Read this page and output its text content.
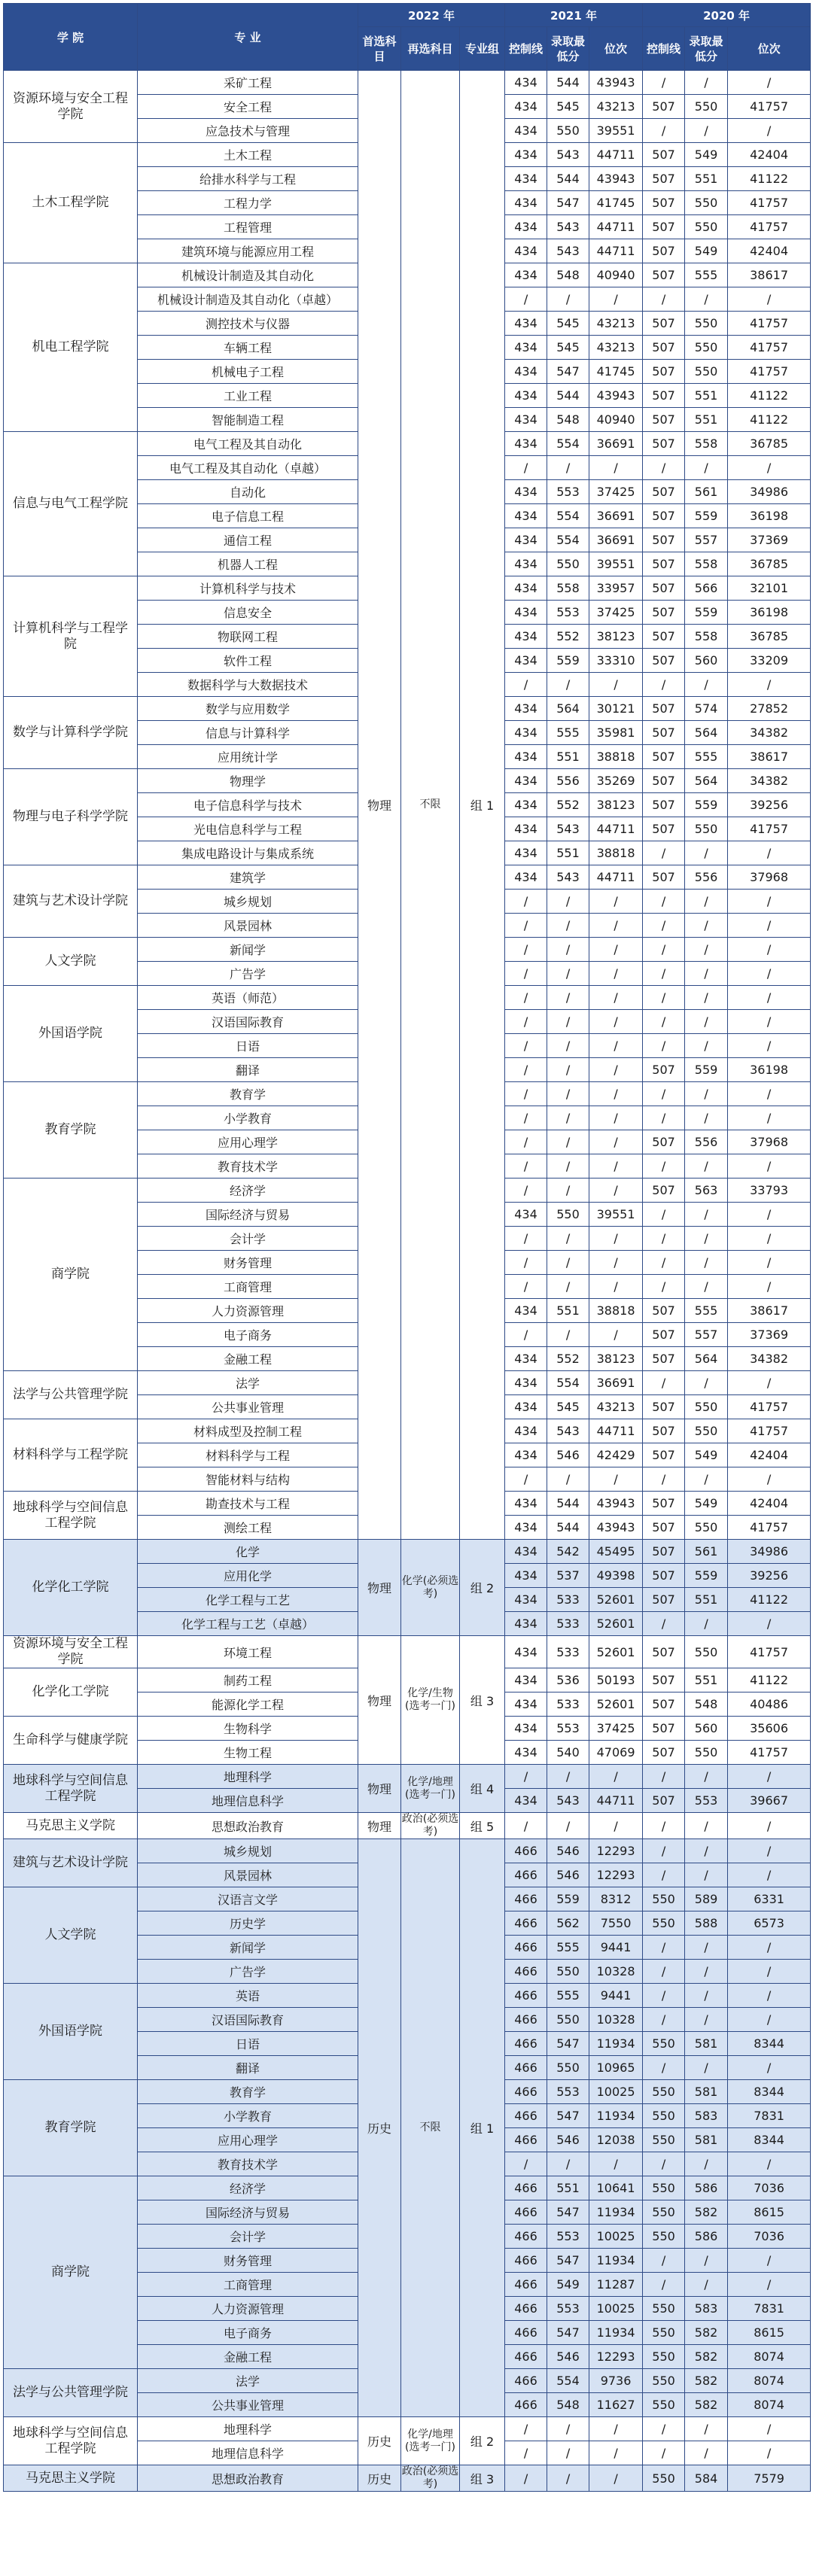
学 院	专 业	2022 年			2021 年			2020 年		
		首选科目	再选科目	专业组	控制线	录取最低分	位次	控制线	录取最低分	位次
资源环境与安全工程学院	采矿工程	物理	不限	组 1	434	544	43943	/	/	/
	安全工程				434	545	43213	507	550	41757
	应急技术与管理				434	550	39551	/	/	/
土木工程学院	土木工程				434	543	44711	507	549	42404
	给排水科学与工程				434	544	43943	507	551	41122
	工程力学				434	547	41745	507	550	41757
	工程管理				434	543	44711	507	550	41757
	建筑环境与能源应用工程				434	543	44711	507	549	42404
机电工程学院	机械设计制造及其自动化				434	548	40940	507	555	38617
	机械设计制造及其自动化（卓越）				/	/	/	/	/	/
	测控技术与仪器				434	545	43213	507	550	41757
	车辆工程				434	545	43213	507	550	41757
	机械电子工程				434	547	41745	507	550	41757
	工业工程				434	544	43943	507	551	41122
	智能制造工程				434	548	40940	507	551	41122
信息与电气工程学院	电气工程及其自动化				434	554	36691	507	558	36785
	电气工程及其自动化（卓越）				/	/	/	/	/	/
	自动化				434	553	37425	507	561	34986
	电子信息工程				434	554	36691	507	559	36198
	通信工程				434	554	36691	507	557	37369
	机器人工程				434	550	39551	507	558	36785
计算机科学与工程学院	计算机科学与技术				434	558	33957	507	566	32101
	信息安全				434	553	37425	507	559	36198
	物联网工程				434	552	38123	507	558	36785
	软件工程				434	559	33310	507	560	33209
	数据科学与大数据技术				/	/	/	/	/	/
数学与计算科学学院	数学与应用数学				434	564	30121	507	574	27852
	信息与计算科学				434	555	35981	507	564	34382
	应用统计学				434	551	38818	507	555	38617
物理与电子科学学院	物理学				434	556	35269	507	564	34382
	电子信息科学与技术				434	552	38123	507	559	39256
	光电信息科学与工程				434	543	44711	507	550	41757
	集成电路设计与集成系统				434	551	38818	/	/	/
建筑与艺术设计学院	建筑学				434	543	44711	507	556	37968
	城乡规划				/	/	/	/	/	/
	风景园林				/	/	/	/	/	/
人文学院	新闻学				/	/	/	/	/	/
	广告学				/	/	/	/	/	/
外国语学院	英语（师范）				/	/	/	/	/	/
	汉语国际教育				/	/	/	/	/	/
	日语				/	/	/	/	/	/
	翻译				/	/	/	507	559	36198
教育学院	教育学				/	/	/	/	/	/
	小学教育				/	/	/	/	/	/
	应用心理学				/	/	/	507	556	37968
	教育技术学				/	/	/	/	/	/
商学院	经济学				/	/	/	507	563	33793
	国际经济与贸易				434	550	39551	/	/	/
	会计学				/	/	/	/	/	/
	财务管理				/	/	/	/	/	/
	工商管理				/	/	/	/	/	/
	人力资源管理				434	551	38818	507	555	38617
	电子商务				/	/	/	507	557	37369
	金融工程				434	552	38123	507	564	34382
法学与公共管理学院	法学				434	554	36691	/	/	/
	公共事业管理				434	545	43213	507	550	41757
材料科学与工程学院	材料成型及控制工程				434	543	44711	507	550	41757
	材料科学与工程				434	546	42429	507	549	42404
	智能材料与结构				/	/	/	/	/	/
地球科学与空间信息工程学院	勘查技术与工程				434	544	43943	507	549	42404
	测绘工程				434	544	43943	507	550	41757
化学化工学院	化学	物理	化学(必须选考)	组 2	434	542	45495	507	561	34986
	应用化学				434	537	49398	507	559	39256
	化学工程与工艺				434	533	52601	507	551	41122
	化学工程与工艺（卓越）				434	533	52601	/	/	/
资源环境与安全工程学院	环境工程	物理	化学/生物(选考一门)	组 3	434	533	52601	507	550	41757
化学化工学院	制药工程				434	536	50193	507	551	41122
	能源化学工程				434	533	52601	507	548	40486
生命科学与健康学院	生物科学				434	553	37425	507	560	35606
	生物工程				434	540	47069	507	550	41757
地球科学与空间信息工程学院	地理科学	物理	化学/地理(选考一门)	组 4	/	/	/	/	/	/
	地理信息科学				434	543	44711	507	553	39667
马克思主义学院	思想政治教育	物理	政治(必须选考)	组 5	/	/	/	/	/	/
建筑与艺术设计学院	城乡规划	历史	不限	组 1	466	546	12293	/	/	/
	风景园林				466	546	12293	/	/	/
人文学院	汉语言文学				466	559	8312	550	589	6331
	历史学				466	562	7550	550	588	6573
	新闻学				466	555	9441	/	/	/
	广告学				466	550	10328	/	/	/
外国语学院	英语				466	555	9441	/	/	/
	汉语国际教育				466	550	10328	/	/	/
	日语				466	547	11934	550	581	8344
	翻译				466	550	10965	/	/	/
教育学院	教育学				466	553	10025	550	581	8344
	小学教育				466	547	11934	550	583	7831
	应用心理学				466	546	12038	550	581	8344
	教育技术学				/	/	/	/	/	/
商学院	经济学				466	551	10641	550	586	7036
	国际经济与贸易				466	547	11934	550	582	8615
	会计学				466	553	10025	550	586	7036
	财务管理				466	547	11934	/	/	/
	工商管理				466	549	11287	/	/	/
	人力资源管理				466	553	10025	550	583	7831
	电子商务				466	547	11934	550	582	8615
	金融工程				466	546	12293	550	582	8074
法学与公共管理学院	法学				466	554	9736	550	582	8074
	公共事业管理				466	548	11627	550	582	8074
地球科学与空间信息工程学院	地理科学	历史	化学/地理(选考一门)	组 2	/	/	/	/	/	/
	地理信息科学				/	/	/	/	/	/
马克思主义学院	思想政治教育	历史	政治(必须选考)	组 3	/	/	/	550	584	7579
